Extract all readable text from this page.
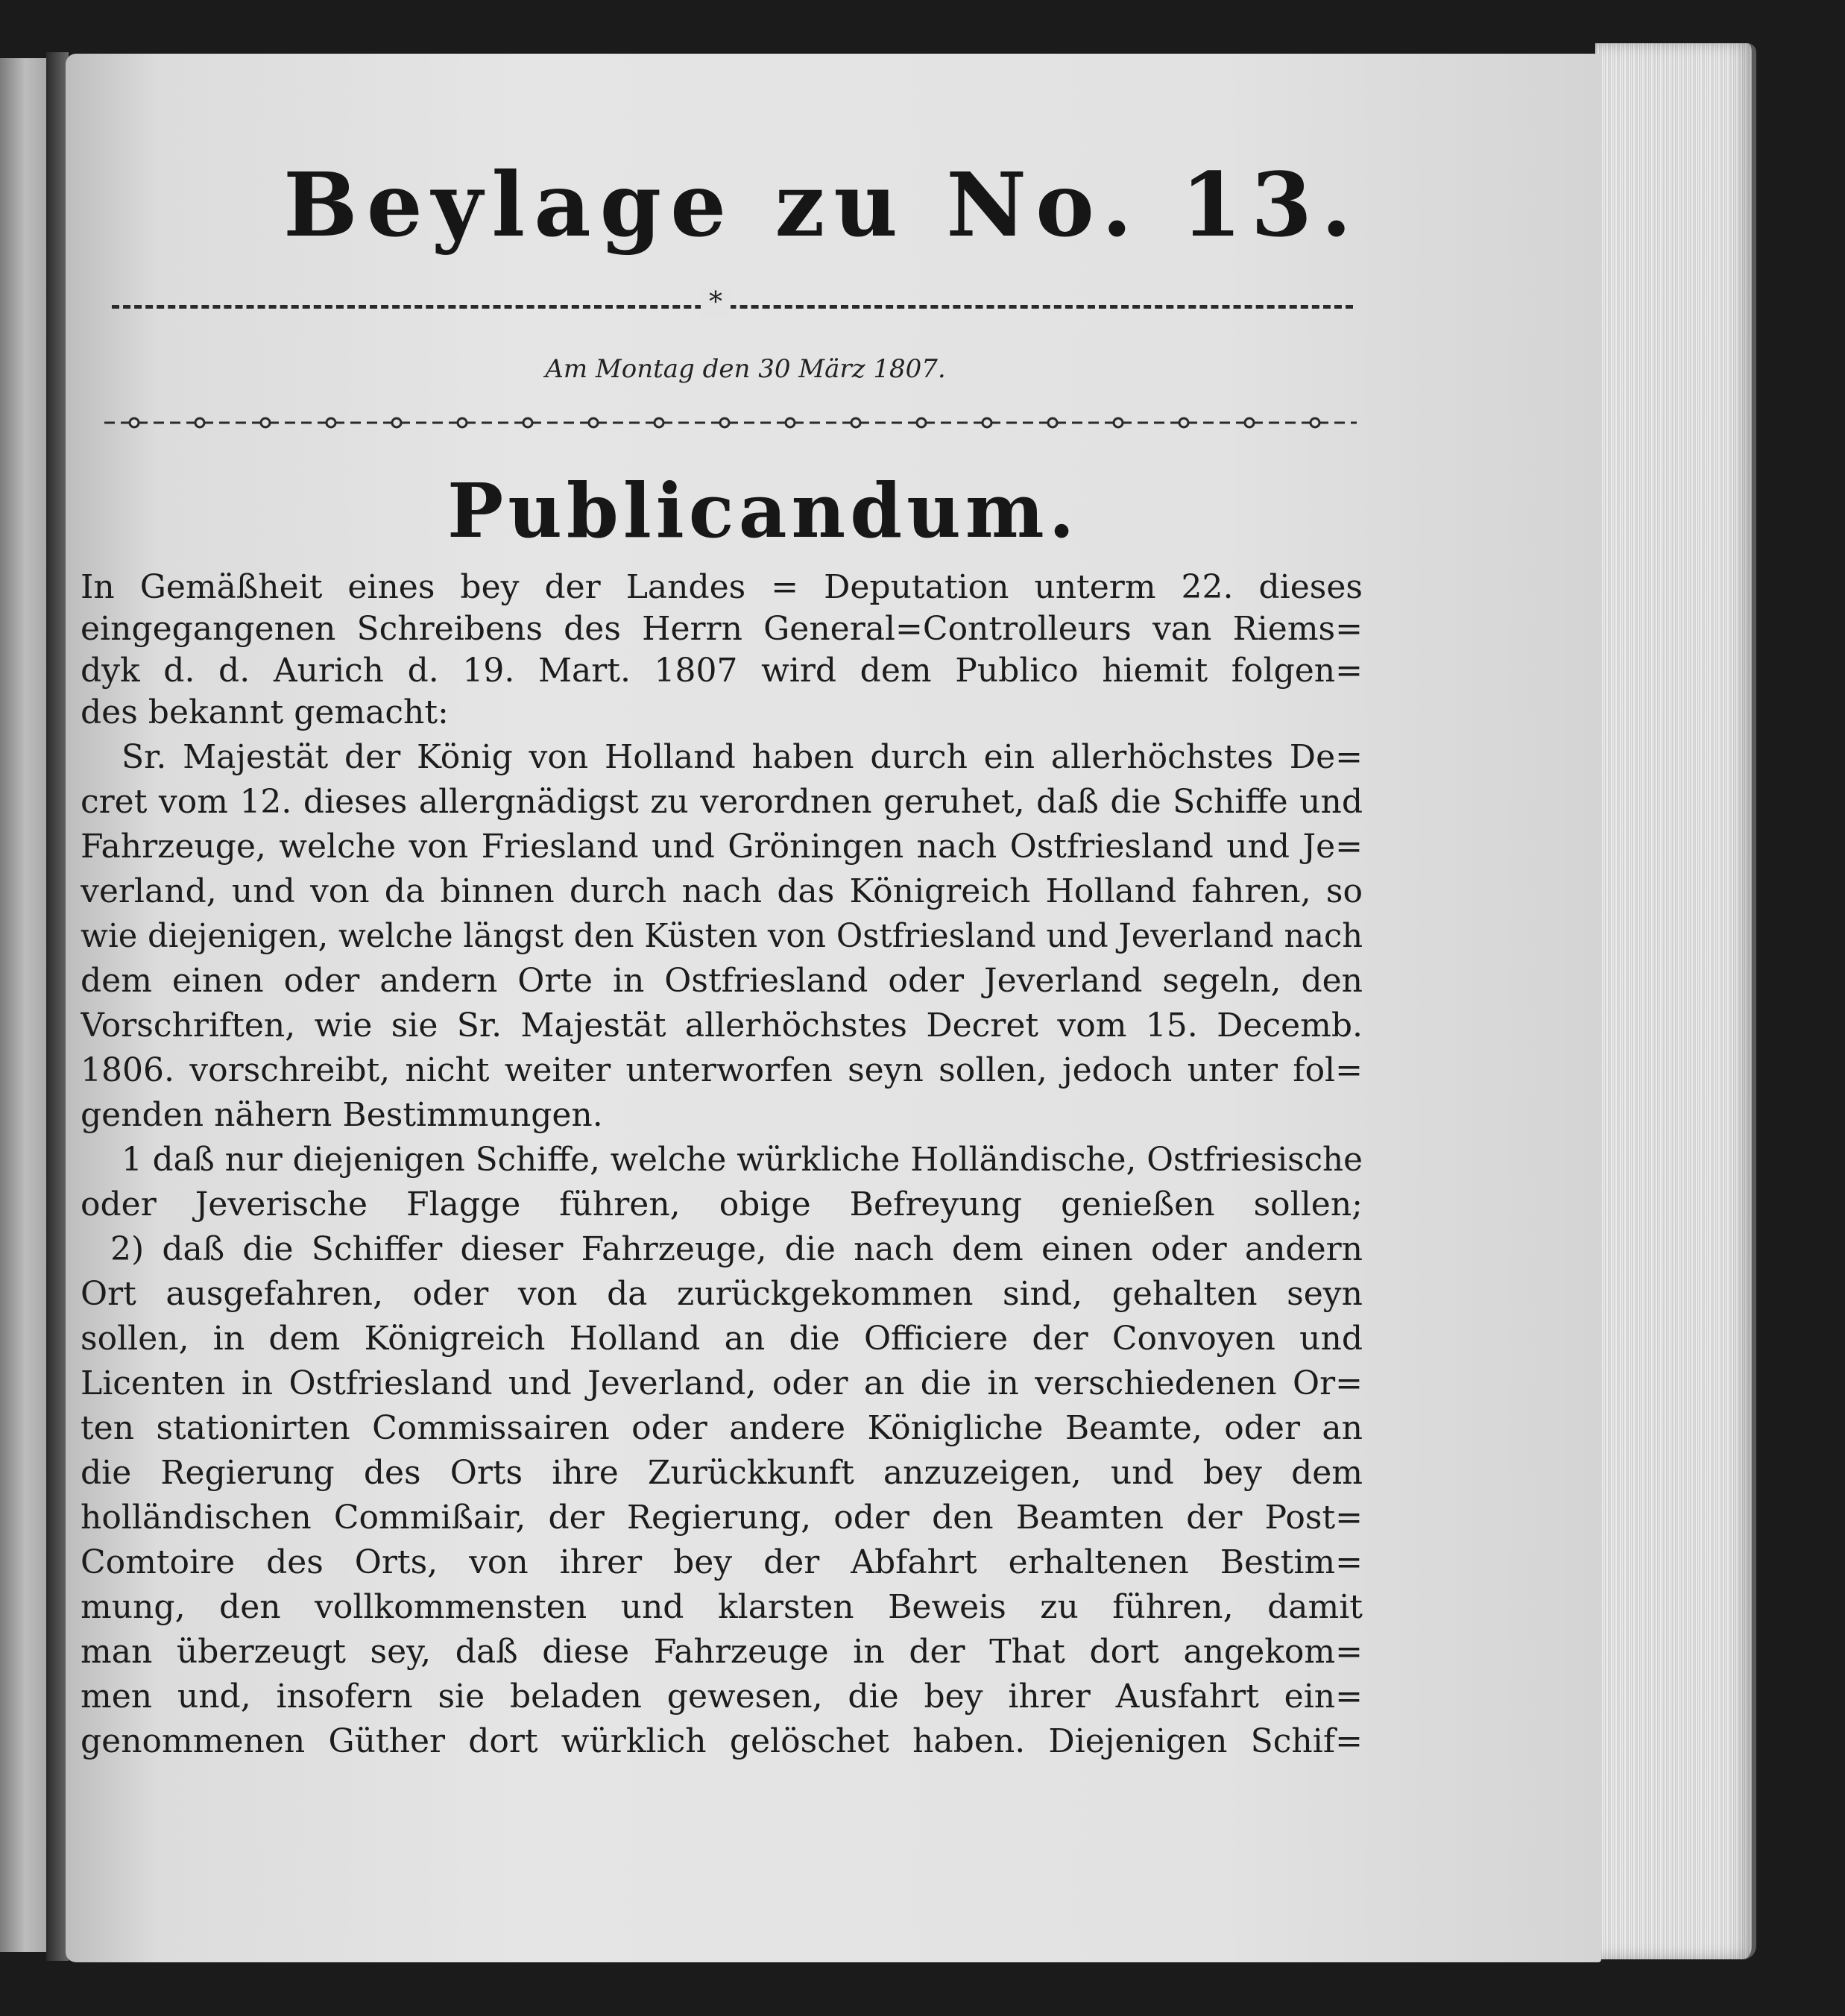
Beylage zu No. 13.
*
Am Montag den 30 März 1807.
Publicandum.
In Gemäßheit eines bey der Landes = Deputation unterm 22. dieses
eingegangenen Schreibens des Herrn General=Controlleurs van Riems=
dyk d. d. Aurich d. 19. Mart. 1807 wird dem Publico hiemit folgen=
des bekannt gemacht:
Sr. Majestät der König von Holland haben durch ein allerhöchstes De=
cret vom 12. dieses allergnädigst zu verordnen geruhet, daß die Schiffe und
Fahrzeuge, welche von Friesland und Gröningen nach Ostfriesland und Je=
verland, und von da binnen durch nach das Königreich Holland fahren, so
wie diejenigen, welche längst den Küsten von Ostfriesland und Jeverland nach
dem einen oder andern Orte in Ostfriesland oder Jeverland segeln, den
Vorschriften, wie sie Sr. Majestät allerhöchstes Decret vom 15. Decemb.
1806. vorschreibt, nicht weiter unterworfen seyn sollen, jedoch unter fol=
genden nähern Bestimmungen.
1 daß nur diejenigen Schiffe, welche würkliche Holländische, Ostfriesische
oder Jeverische Flagge führen, obige Befreyung genießen sollen;
2) daß die Schiffer dieser Fahrzeuge, die nach dem einen oder andern
Ort ausgefahren, oder von da zurückgekommen sind, gehalten seyn
sollen, in dem Königreich Holland an die Officiere der Convoyen und
Licenten in Ostfriesland und Jeverland, oder an die in verschiedenen Or=
ten stationirten Commissairen oder andere Königliche Beamte, oder an
die Regierung des Orts ihre Zurückkunft anzuzeigen, und bey dem
holländischen Commißair, der Regierung, oder den Beamten der Post=
Comtoire des Orts, von ihrer bey der Abfahrt erhaltenen Bestim=
mung, den vollkommensten und klarsten Beweis zu führen, damit
man überzeugt sey, daß diese Fahrzeuge in der That dort angekom=
men und, insofern sie beladen gewesen, die bey ihrer Ausfahrt ein=
genommenen Güther dort würklich gelöschet haben. Diejenigen Schif=
